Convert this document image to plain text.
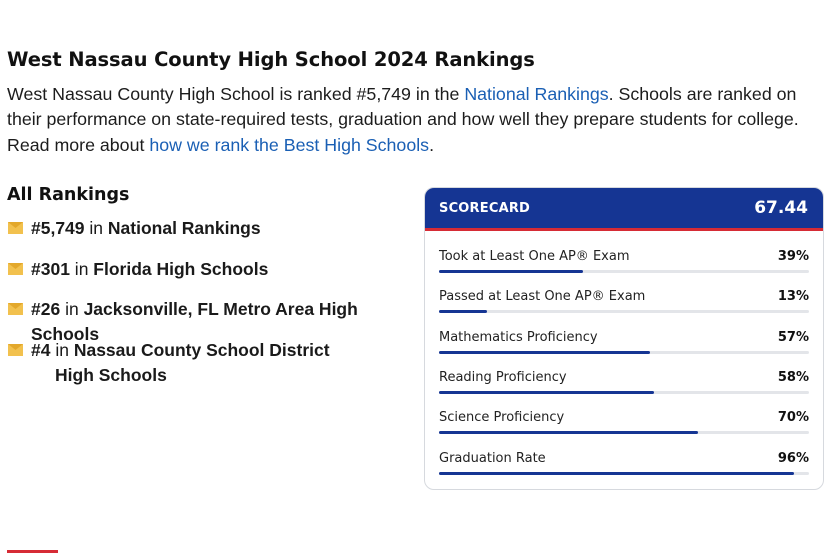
West Nassau County High School 2024 Rankings

West Nassau County High School is ranked #5,749 in the National Rankings. Schools are ranked on their performance on state-required tests, graduation and how well they prepare students for college. Read more about how we rank the Best High Schools.

All Rankings
#5,749 in National Rankings
#301 in Florida High Schools
#26 in Jacksonville, FL Metro Area High Schools
#4 in Nassau County School District High Schools
SCORECARD	67.44
Took at Least One AP® Exam	39%
Passed at Least One AP® Exam	13%
Mathematics Proficiency	57%
Reading Proficiency	58%
Science Proficiency	70%
Graduation Rate	96%
